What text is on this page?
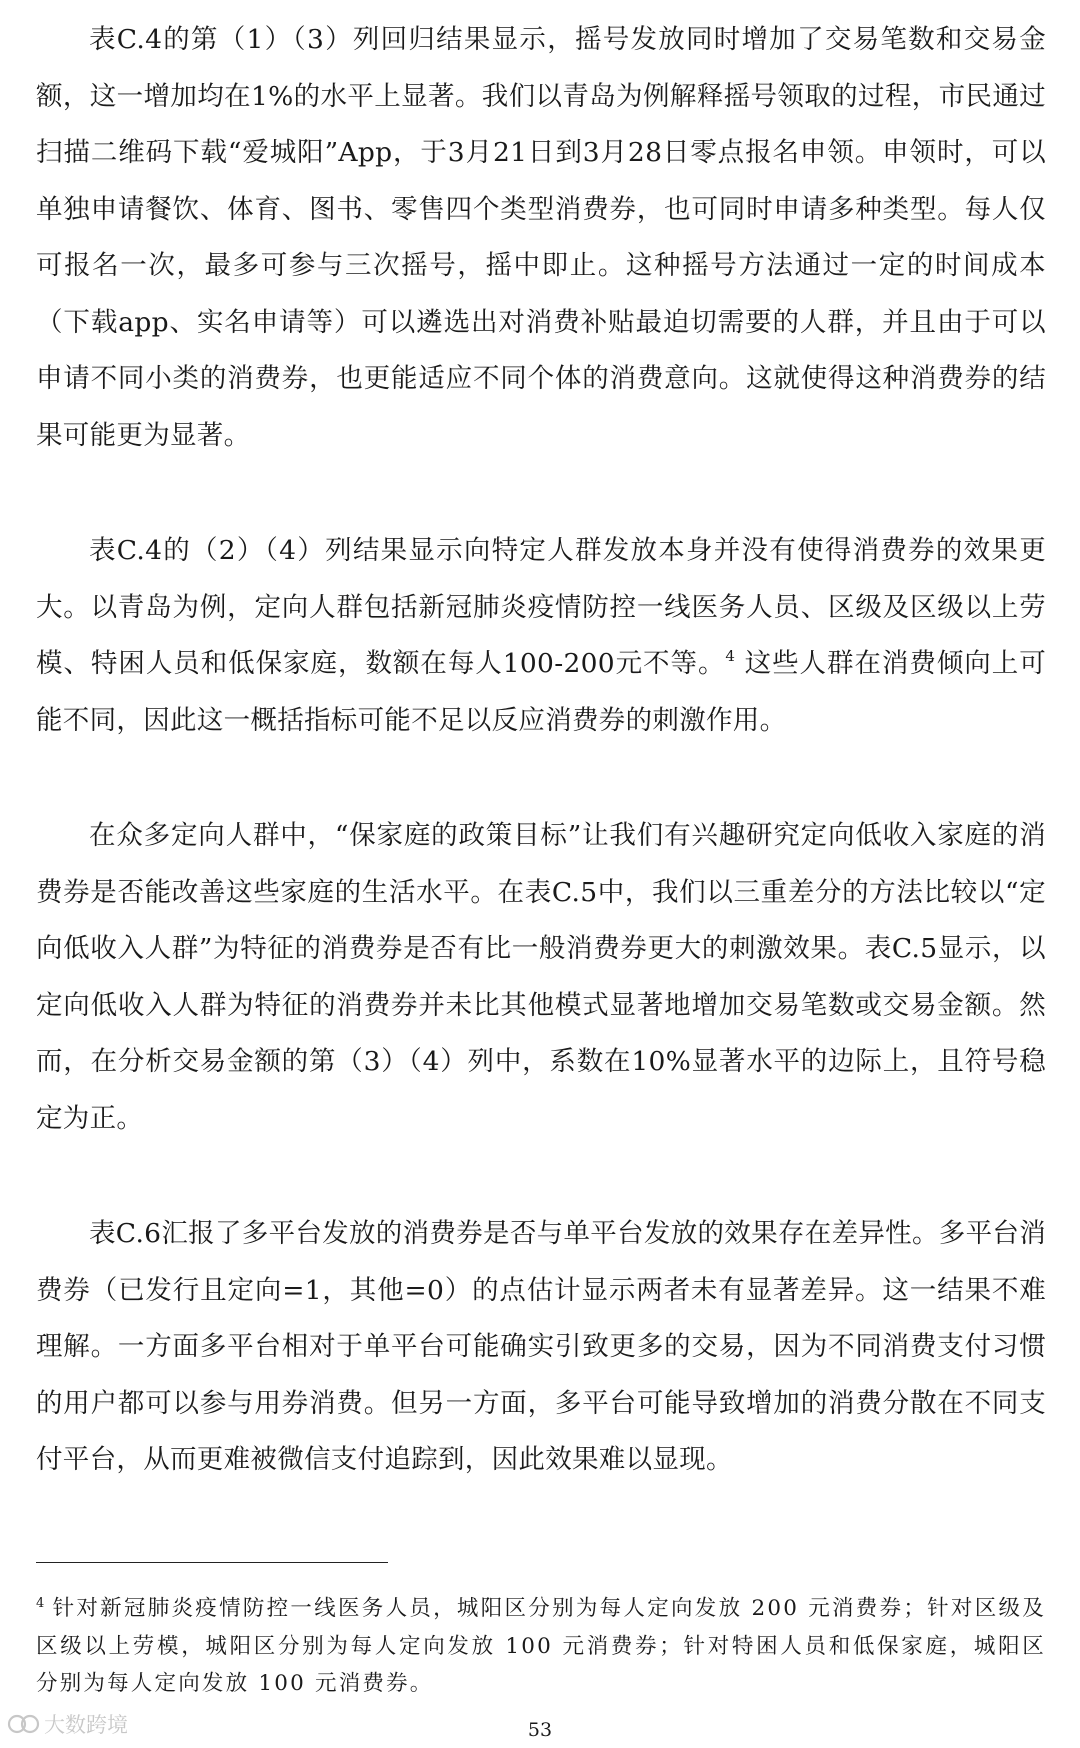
表C.4的第（1）（3）列回归结果显示，摇号发放同时增加了交易笔数和交易金额，这一增加均在1%的水平上显著。我们以青岛为例解释摇号领取的过程，市民通过扫描二维码下载“爱城阳”App，于3月21日到3月28日零点报名申领。申领时，可以单独申请餐饮、体育、图书、零售四个类型消费券，也可同时申请多种类型。每人仅可报名一次，最多可参与三次摇号，摇中即止。这种摇号方法通过一定的时间成本（下载app、实名申请等）可以遴选出对消费补贴最迫切需要的人群，并且由于可以申请不同小类的消费券，也更能适应不同个体的消费意向。这就使得这种消费券的结果可能更为显著。

表C.4的（2）（4）列结果显示向特定人群发放本身并没有使得消费券的效果更大。以青岛为例，定向人群包括新冠肺炎疫情防控一线医务人员、区级及区级以上劳模、特困人员和低保家庭，数额在每人100-200元不等。$^4$ 这些人群在消费倾向上可能不同，因此这一概括指标可能不足以反应消费券的刺激作用。

在众多定向人群中，“保家庭的政策目标”让我们有兴趣研究定向低收入家庭的消费券是否能改善这些家庭的生活水平。在表C.5中，我们以三重差分的方法比较以“定向低收入人群”为特征的消费券是否有比一般消费券更大的刺激效果。表C.5显示，以定向低收入人群为特征的消费券并未比其他模式显著地增加交易笔数或交易金额。然而，在分析交易金额的第（3）（4）列中，系数在10%显著水平的边际上，且符号稳定为正。

表C.6汇报了多平台发放的消费券是否与单平台发放的效果存在差异性。多平台消费券（已发行且定向=1，其他=0）的点估计显示两者未有显著差异。这一结果不难理解。一方面多平台相对于单平台可能确实引致更多的交易，因为不同消费支付习惯的用户都可以参与用券消费。但另一方面，多平台可能导致增加的消费分散在不同支付平台，从而更难被微信支付追踪到，因此效果难以显现。

$^4$ 针对新冠肺炎疫情防控一线医务人员，城阳区分别为每人定向发放 200 元消费券；针对区级及区级以上劳模，城阳区分别为每人定向发放 100 元消费券；针对特困人员和低保家庭，城阳区分别为每人定向发放 100 元消费券。

大数跨境	53
